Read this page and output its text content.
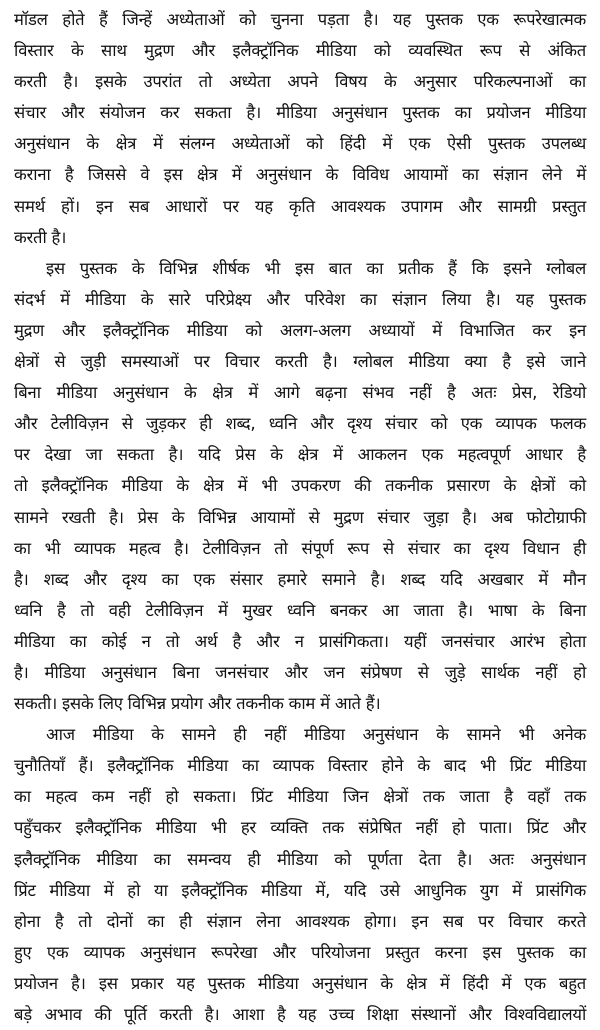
मॉडल होते हैं जिन्हें अध्येताओं को चुनना पड़ता है। यह पुस्तक एक रूपरेखात्मक
विस्तार के साथ मुद्रण और इलैक्ट्रॉनिक मीडिया को व्यवस्थित रूप से अंकित
करती है। इसके उपरांत तो अध्येता अपने विषय के अनुसार परिकल्पनाओं का
संचार और संयोजन कर सकता है। मीडिया अनुसंधान पुस्तक का प्रयोजन मीडिया
अनुसंधान के क्षेत्र में संलग्न अध्येताओं को हिंदी में एक ऐसी पुस्तक उपलब्ध
कराना है जिससे वे इस क्षेत्र में अनुसंधान के विविध आयामों का संज्ञान लेने में
समर्थ हों। इन सब आधारों पर यह कृति आवश्यक उपागम और सामग्री प्रस्तुत
करती है।
इस पुस्तक के विभिन्न शीर्षक भी इस बात का प्रतीक हैं कि इसने ग्लोबल
संदर्भ में मीडिया के सारे परिप्रेक्ष्य और परिवेश का संज्ञान लिया है। यह पुस्तक
मुद्रण और इलैक्ट्रॉनिक मीडिया को अलग-अलग अध्यायों में विभाजित कर इन
क्षेत्रों से जुड़ी समस्याओं पर विचार करती है। ग्लोबल मीडिया क्या है इसे जाने
बिना मीडिया अनुसंधान के क्षेत्र में आगे बढ़ना संभव नहीं है अतः प्रेस, रेडियो
और टेलीविज़न से जुड़कर ही शब्द, ध्वनि और दृश्य संचार को एक व्यापक फलक
पर देखा जा सकता है। यदि प्रेस के क्षेत्र में आकलन एक महत्वपूर्ण आधार है
तो इलैक्ट्रॉनिक मीडिया के क्षेत्र में भी उपकरण की तकनीक प्रसारण के क्षेत्रों को
सामने रखती है। प्रेस के विभिन्न आयामों से मुद्रण संचार जुड़ा है। अब फोटोग्राफी
का भी व्यापक महत्व है। टेलीविज़न तो संपूर्ण रूप से संचार का दृश्य विधान ही
है। शब्द और दृश्य का एक संसार हमारे समाने है। शब्द यदि अखबार में मौन
ध्वनि है तो वही टेलीविज़न में मुखर ध्वनि बनकर आ जाता है। भाषा के बिना
मीडिया का कोई न तो अर्थ है और न प्रासंगिकता। यहीं जनसंचार आरंभ होता
है। मीडिया अनुसंधान बिना जनसंचार और जन संप्रेषण से जुड़े सार्थक नहीं हो
सकती। इसके लिए विभिन्न प्रयोग और तकनीक काम में आते हैं।
आज मीडिया के सामने ही नहीं मीडिया अनुसंधान के सामने भी अनेक
चुनौतियाँ हैं। इलैक्ट्रॉनिक मीडिया का व्यापक विस्तार होने के बाद भी प्रिंट मीडिया
का महत्व कम नहीं हो सकता। प्रिंट मीडिया जिन क्षेत्रों तक जाता है वहाँ तक
पहुँचकर इलैक्ट्रॉनिक मीडिया भी हर व्यक्ति तक संप्रेषित नहीं हो पाता। प्रिंट और
इलैक्ट्रॉनिक मीडिया का समन्वय ही मीडिया को पूर्णता देता है। अतः अनुसंधान
प्रिंट मीडिया में हो या इलैक्ट्रॉनिक मीडिया में, यदि उसे आधुनिक युग में प्रासंगिक
होना है तो दोनों का ही संज्ञान लेना आवश्यक होगा। इन सब पर विचार करते
हुए एक व्यापक अनुसंधान रूपरेखा और परियोजना प्रस्तुत करना इस पुस्तक का
प्रयोजन है। इस प्रकार यह पुस्तक मीडिया अनुसंधान के क्षेत्र में हिंदी में एक बहुत
बड़े अभाव की पूर्ति करती है। आशा है यह उच्च शिक्षा संस्थानों और विश्वविद्यालयों
